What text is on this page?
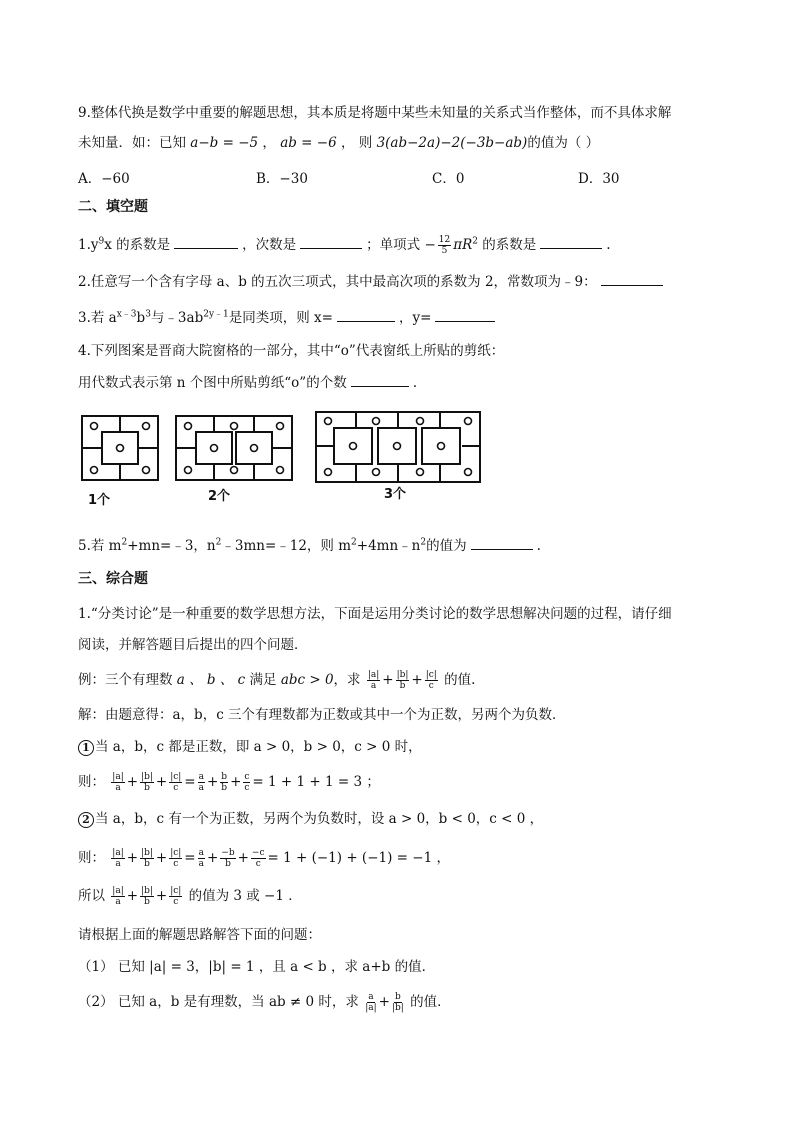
9.整体代换是数学中重要的解题思想，其本质是将题中某些未知量的关系式当作整体，而不具体求解
未知量．如：已知 a−b = −5 ， ab = −6 ， 则 3(ab−2a)−2(−3b−ab)的值为（ ）
A．−60	B．−30	C．0	D．30
二、填空题
$1.y^9x$ 的系数是	，次数是	；单项式 − $\frac{12}{5} \pi R^2$ 的系数是	.
2.任意写一个含有字母 a、b 的五次三项式，其中最高次项的系数为 2，常数项为﹣9：
3.若 $a^{x﹣3}b^3$与$﹣3ab^{2y﹣1}$是同类项，则 x=	，y=
4.下列图案是晋商大院窗格的一部分，其中“o”代表窗纸上所贴的剪纸：
用代数式表示第 n 个图中所贴剪纸“o”的个数	.
1个	2个	3个
5.若 $m^2+mn=﹣3$，$n^2﹣3mn=﹣12$，则 $m^2+4mn﹣n^2$的值为	.
三、综合题
1.“分类讨论”是一种重要的数学思想方法，下面是运用分类讨论的数学思想解决问题的过程，请仔细
阅读，并解答题目后提出的四个问题．
例：三个有理数 a 、 b 、 c 满足 abc > 0，求 $\frac{|a|}{a} + \frac{|b|}{b} + \frac{|c|}{c}$ 的值.
解：由题意得：a，b，c 三个有理数都为正数或其中一个为正数，另两个为负数．
1 当 a，b，c 都是正数，即 a > 0，b > 0，c > 0 时，
则： $\frac{|a|}{a} + \frac{|b|}{b} + \frac{|c|}{c} = \frac{a}{a} + \frac{b}{b} + \frac{c}{c} = 1 + 1 + 1 = 3$ ；
2 当 a，b，c 有一个为正数，另两个为负数时，设 a > 0，b < 0，c < 0 ，
则： $\frac{|a|}{a} + \frac{|b|}{b} + \frac{|c|}{c} = \frac{a}{a} + \frac{-b}{b} + \frac{-c}{c} = 1 + (-1) + (-1) = -1$ ，
所以 $\frac{|a|}{a} + \frac{|b|}{b} + \frac{|c|}{c}$ 的值为 3 或 −1 ．
请根据上面的解题思路解答下面的问题：
（1） 已知 |a| = 3，|b| = 1 ，且 a < b ，求 a+b 的值．
（2） 已知 a，b 是有理数，当 ab ≠ 0 时，求 $\frac{a}{|a|} + \frac{b}{|b|}$ 的值．
